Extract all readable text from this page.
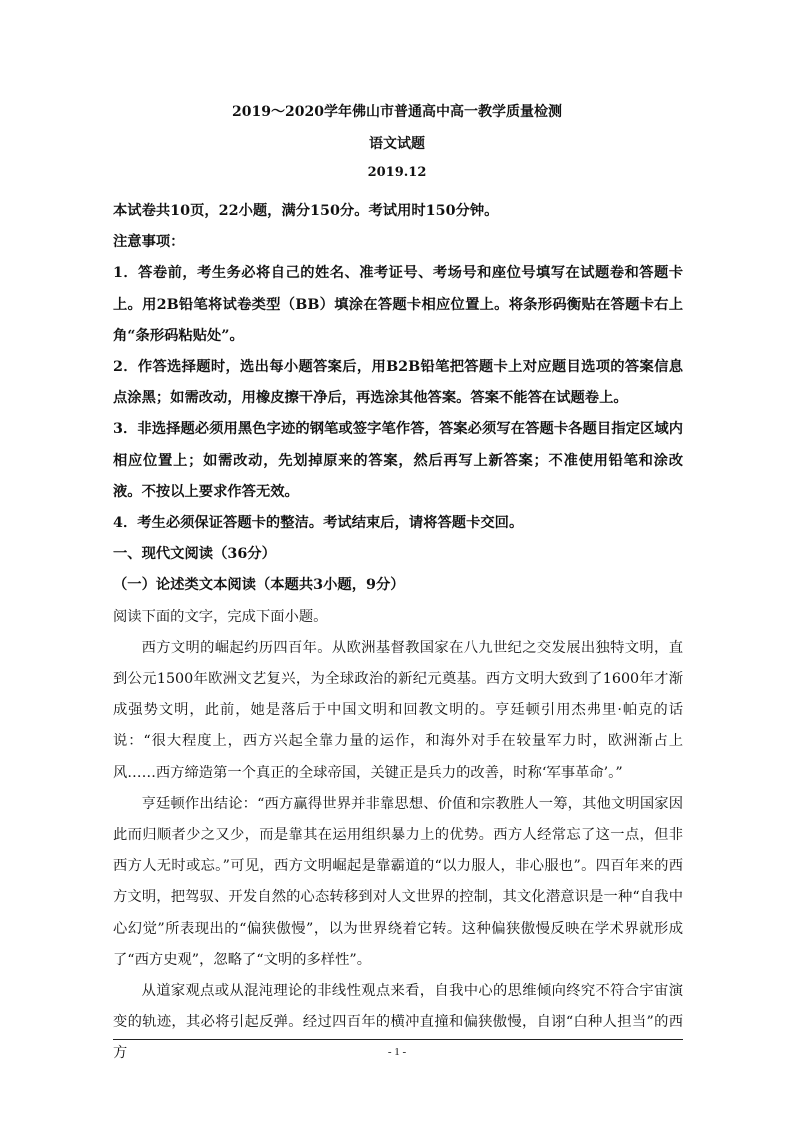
2019～2020学年佛山市普通高中高一教学质量检测
语文试题
2019.12

本试卷共10页，22小题，满分150分。考试用时150分钟。

注意事项：

1．答卷前，考生务必将自己的姓名、准考证号、考场号和座位号填写在试题卷和答题卡上。用2B铅笔将试卷类型（BB）填涂在答题卡相应位置上。将条形码衡贴在答题卡右上角“条形码粘贴处”。

2．作答选择题时，选出每小题答案后，用B2B铅笔把答题卡上对应题目选项的答案信息点涂黑；如需改动，用橡皮擦干净后，再选涂其他答案。答案不能答在试题卷上。

3．非选择题必须用黑色字迹的钢笔或签字笔作答，答案必须写在答题卡各题目指定区域内相应位置上；如需改动，先划掉原来的答案，然后再写上新答案；不准使用铅笔和涂改液。不按以上要求作答无效。

4．考生必须保证答题卡的整洁。考试结束后，请将答题卡交回。

一、现代文阅读（36分）

（一）论述类文本阅读（本题共3小题，9分）

阅读下面的文字，完成下面小题。

西方文明的崛起约历四百年。从欧洲基督教国家在八九世纪之交发展出独特文明，直到公元1500年欧洲文艺复兴，为全球政治的新纪元奠基。西方文明大致到了1600年才渐成强势文明，此前，她是落后于中国文明和回教文明的。亨廷顿引用杰弗里·帕克的话说：“很大程度上，西方兴起全靠力量的运作，和海外对手在较量军力时，欧洲渐占上风……西方缔造第一个真正的全球帝国，关键正是兵力的改善，时称‘军事革命’。”

亨廷顿作出结论：“西方赢得世界并非靠思想、价值和宗教胜人一筹，其他文明国家因此而归顺者少之又少，而是靠其在运用组织暴力上的优势。西方人经常忘了这一点，但非西方人无时或忘。”可见，西方文明崛起是靠霸道的“以力服人，非心服也”。四百年来的西方文明，把驾驭、开发自然的心态转移到对人文世界的控制，其文化潜意识是一种“自我中心幻觉”所表现出的“偏狭傲慢”，以为世界绕着它转。这种偏狭傲慢反映在学术界就形成了“西方史观”，忽略了“文明的多样性”。

从道家观点或从混沌理论的非线性观点来看，自我中心的思维倾向终究不符合宇宙演变的轨迹，其必将引起反弹。经过四百年的横冲直撞和偏狭傲慢，自诩“白种人担当”的西方	- 1 -
